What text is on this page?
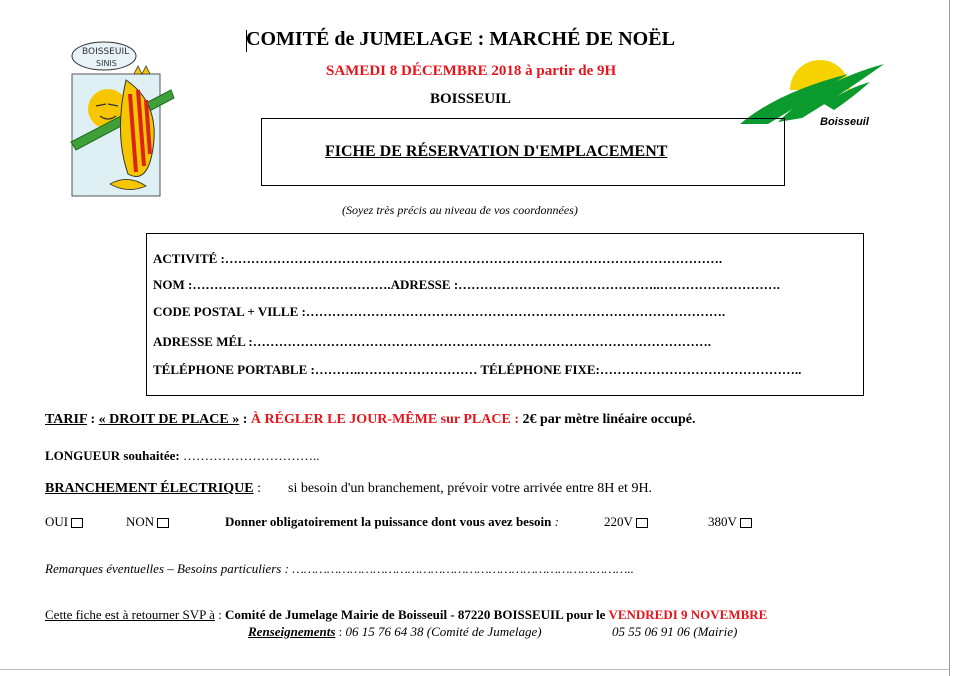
BOISSEUIL
SINIS
Boisseuil
COMITÉ de JUMELAGE : MARCHÉ DE NOËL
SAMEDI 8 DÉCEMBRE 2018 à partir de 9H
BOISSEUIL
FICHE DE RÉSERVATION D'EMPLACEMENT
(Soyez très précis au niveau de vos coordonnées)
ACTIVITÉ :…………………………………………………………………………………………………….
NOM :……………………………………….ADRESSE :………………………………………..……………………….
CODE POSTAL + VILLE :…………………………………………………………………………………….
ADRESSE MÉL :…………………………………………………………………………………………….
TÉLÉPHONE PORTABLE :………..……………………… TÉLÉPHONE FIXE:………………………………………..
TARIF : « DROIT DE PLACE » : À RÉGLER LE JOUR-MÊME sur PLACE : 2€ par mètre linéaire occupé.
LONGUEUR souhaitée: …………………………..
BRANCHEMENT ÉLECTRIQUE : si besoin d'un branchement, prévoir votre arrivée entre 8H et 9H.
OUI	NON	Donner obligatoirement la puissance dont vous avez besoin :	220V	380V
Remarques éventuelles – Besoins particuliers : ……………………………………………………………………………..
Cette fiche est à retourner SVP à : Comité de Jumelage Mairie de Boisseuil - 87220 BOISSEUIL pour le VENDREDI 9 NOVEMBRE
Renseignements : 06 15 76 64 38 (Comité de Jumelage)	05 55 06 91 06 (Mairie)
